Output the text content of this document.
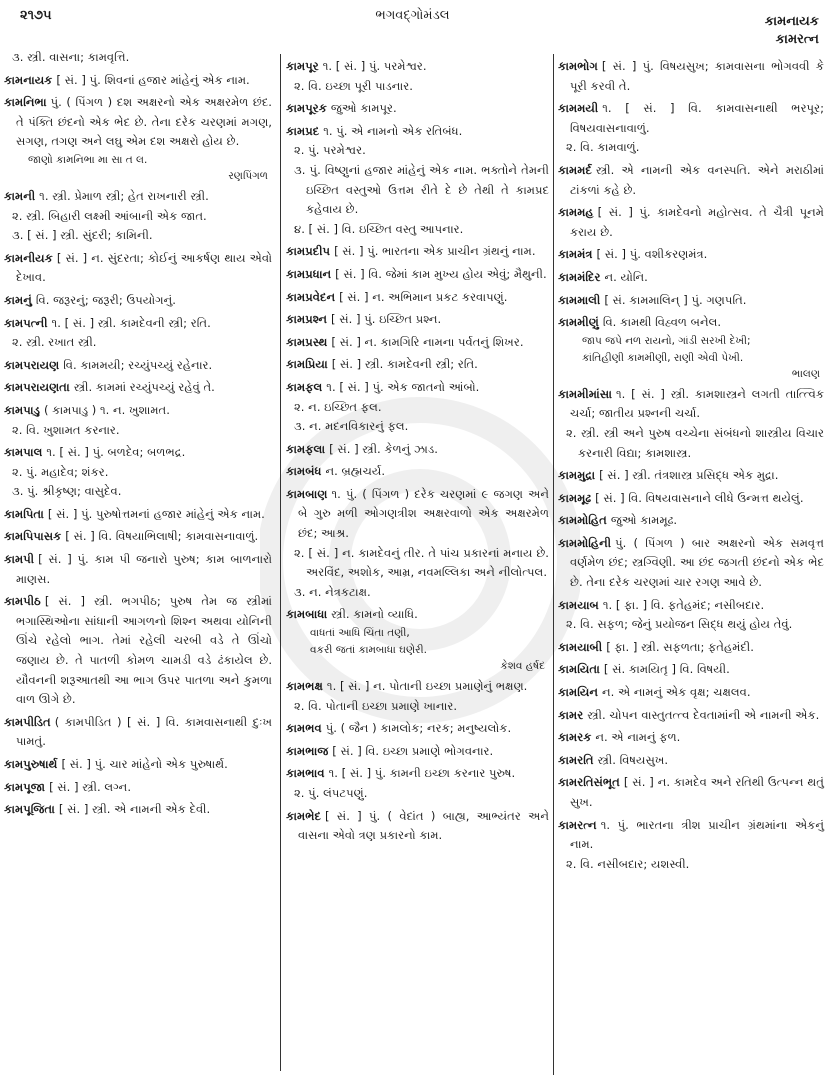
૨૧૭૫	ભગવદ્ગોમંડલ	કામનાયક
કામરત્ન
૩. સ્ત્રી. વાસના; કામવૃત્તિ.
કામનાયક [ સં. ] પું. શિવનાં હજાર માંહેનું એક નામ.
કામનિભા પું. ( પિંગળ ) દશ અક્ષરનો એક અક્ષરમેળ છંદ. તે પંક્તિ છંદનો એક ભેદ છે. તેના દરેક ચરણમાં મગણ, સગણ, તગણ અને લઘુ એમ દશ અક્ષરો હોય છે.
જાણો કામનિભા મા સા ત લ.
રણપિંગળ
કામની ૧. સ્ત્રી. પ્રેમાળ સ્ત્રી; હેત રાખનારી સ્ત્રી.
૨. સ્ત્રી. બિહારી લક્ષ્મી આંબાની એક જાત.
૩. [ સં. ] સ્ત્રી. સુંદરી; કામિની.
કામનીયક [ સં. ] ન. સુંદરતા; કોઈનું આકર્ષણ થાય એવો દેખાવ.
કામનું વિ. જરૂરનું; જરૂરી; ઉપયોગનું.
કામપત્ની ૧. [ સં. ] સ્ત્રી. કામદેવની સ્ત્રી; રતિ.
૨. સ્ત્રી. રખાત સ્ત્રી.
કામપરાયણ વિ. કામમયી; રચ્યુંપચ્યું રહેનાર.
કામપરાયણતા સ્ત્રી. કામમાં રચ્યુંપચ્યું રહેવું તે.
કામપાડુ ( કામપાડુ ) ૧. ન. ખુશામત.
૨. વિ. ખુશામત કરનાર.
કામપાલ ૧. [ સં. ] પું. બળદેવ; બળભદ્ર.
૨. પું. મહાદેવ; શંકર.
૩. પું. શ્રીકૃષ્ણ; વાસુદેવ.
કામપિતા [ સં. ] પું. પુરુષોત્તમનાં હજાર માંહેનું એક નામ.
કામપિપાસક [ સં. ] વિ. વિષયાભિલાષી; કામવાસનાવાળું.
કામપી [ સં. ] પું. કામ પી જનારો પુરુષ; કામ બાળનારો માણસ.
કામપીઠ [ સં. ] સ્ત્રી. ભગપીઠ; પુરુષ તેમ જ સ્ત્રીમાં ભગાસ્થિઓના સાંધાની આગળનો શિશ્ન અથવા યોનિની ઊંચે રહેલો ભાગ. તેમાં રહેલી ચરબી વડે તે ઊંચો જણાય છે. તે પાતળી કોમળ ચામડી વડે ઢંકાયેલ છે. યૌવનની શરૂઆતથી આ ભાગ ઉપર પાતળા અને કુમળા વાળ ઊગે છે.
કામપીડિત ( કામપીડિત ) [ સં. ] વિ. કામવાસનાથી દુઃખ પામતું.
કામપુરુષાર્થ [ સં. ] પું. ચાર માંહેનો એક પુરુષાર્થ.
કામપૂજા [ સં. ] સ્ત્રી. લગ્ન.
કામપૂજિતા [ સં. ] સ્ત્રી. એ નામની એક દેવી.
કામપૂર ૧. [ સં. ] પું. પરમેશ્વર.
૨. વિ. ઇચ્છા પૂરી પાડનાર.
કામપૂરક જુઓ કામપૂર.
કામપ્રદ ૧. પું. એ નામનો એક રતિબંધ.
૨. પું. પરમેશ્વર.
૩. પું. વિષ્ણુનાં હજાર માંહેનું એક નામ. ભક્તોને તેમની ઇચ્છિત વસ્તુઓ ઉત્તમ રીતે દે છે તેથી તે કામપ્રદ કહેવાય છે.
૪. [ સં. ] વિ. ઇચ્છિત વસ્તુ આપનાર.
કામપ્રદીપ [ સં. ] પું. ભારતના એક પ્રાચીન ગ્રંથનું નામ.
કામપ્રધાન [ સં. ] વિ. જેમાં કામ મુખ્ય હોય એવું; મૈથુની.
કામપ્રવેદન [ સં. ] ન. અભિમાન પ્રકટ કરવાપણું.
કામપ્રશ્ન [ સં. ] પું. ઇચ્છિત પ્રશ્ન.
કામપ્રસ્થ [ સં. ] ન. કામગિરિ નામના પર્વતનું શિખર.
કામપ્રિયા [ સં. ] સ્ત્રી. કામદેવની સ્ત્રી; રતિ.
કામફલ ૧. [ સં. ] પું. એક જાતનો આંબો.
૨. ન. ઇચ્છિત ફલ.
૩. ન. મદનવિકારનું ફલ.
કામફલા [ સં. ] સ્ત્રી. કેળનું ઝાડ.
કામબંધ ન. બ્રહ્મચર્ય.
કામબાણ ૧. પું. ( પિંગળ ) દરેક ચરણમાં ૯ જગણ અને બે ગુરુ મળી ઓગણત્રીશ અક્ષરવાળો એક અક્ષરમેળ છંદ; આશ્ર.
૨. [ સં. ] ન. કામદેવનું તીર. તે પાંચ પ્રકારનાં મનાય છે. અરવિંદ, અશોક, આમ્ર, નવમલ્લિકા અને નીલોત્પલ.
૩. ન. નેત્રકટાક્ષ.
કામબાધા સ્ત્રી. કામનો વ્યાધિ.
વાધતાં આધિ ચિંતા તણી,
વકરી જતાં કામબાધા ઘણેરી.
કેશવ હર્ષદ
કામભક્ષ ૧. [ સં. ] ન. પોતાની ઇચ્છા પ્રમાણેનું ભક્ષણ.
૨. વિ. પોતાની ઇચ્છા પ્રમાણે ખાનાર.
કામભવ પું. ( જૈન ) કામલોક; નરક; મનુષ્યલોક.
કામભાજ [ સં. ] વિ. ઇચ્છા પ્રમાણે ભોગવનાર.
કામભાવ ૧. [ સં. ] પું. કામની ઇચ્છા કરનાર પુરુષ.
૨. પું. લંપટપણું.
કામભેદ [ સં. ] પું. ( વેદાંત ) બાહ્ય, આભ્યંતર અને વાસના એવો ત્રણ પ્રકારનો કામ.
કામભોગ [ સં. ] પું. વિષયસુખ; કામવાસના ભોગવવી કે પૂરી કરવી તે.
કામમયી ૧. [ સં. ] વિ. કામવાસનાથી ભરપૂર; વિષયવાસનાવાળું.
૨. વિ. કામવાળું.
કામમર્દ સ્ત્રી. એ નામની એક વનસ્પતિ. એને મરાઠીમાં ટાંકળાં કહે છે.
કામમહ [ સં. ] પું. કામદેવનો મહોત્સવ. તે ચૈત્રી પૂનમે કરાય છે.
કામમંત્ર [ સં. ] પું. વશીકરણમંત્ર.
કામમંદિર ન. યોનિ.
કામમાલી [ સં. કામમાલિન્ ] પું. ગણપતિ.
કામમીણું વિ. કામથી વિહ્વળ બનેલ.
જાપ જપે નળ રાયનો, ગાંડી સરખી દેખી;
કાંતિહીણી કામમીણી, રાણી એવી પેખી.
ભાલણ
કામમીમાંસા ૧. [ સં. ] સ્ત્રી. કામશાસ્ત્રને લગતી તાત્ત્વિક ચર્ચા; જાતીય પ્રશ્નની ચર્ચા.
૨. સ્ત્રી. સ્ત્રી અને પુરુષ વચ્ચેના સંબંધનો શાસ્ત્રીય વિચાર કરનારી વિદ્યા; કામશાસ્ત્ર.
કામમુદ્રા [ સં. ] સ્ત્રી. તંત્રશાસ્ત્ર પ્રસિદ્ધ એક મુદ્રા.
કામમૂઢ [ સં. ] વિ. વિષયવાસનાને લીધે ઉન્મત્ત થયેલું.
કામમોહિત જુઓ કામમૂઢ.
કામમોહિની પું. ( પિંગળ ) બાર અક્ષરનો એક સમવૃત્ત વર્ણમેળ છંદ; સ્ત્રગ્વિણી. આ છંદ જગતી છંદનો એક ભેદ છે. તેના દરેક ચરણમાં ચાર રગણ આવે છે.
કામયાબ ૧. [ ફા. ] વિ. ફતેહમંદ; નસીબદાર.
૨. વિ. સફળ; જેનું પ્રયોજન સિદ્ધ થયું હોય તેવું.
કામયાબી [ ફા. ] સ્ત્રી. સફળતા; ફતેહમંદી.
કામયિતા [ સં. કામયિતૃ ] વિ. વિષયી.
કામયિન ન. એ નામનું એક વૃક્ષ; ચક્ષલવ.
કામર સ્ત્રી. ચોપન વાસ્તુતત્ત્વ દેવતામાંની એ નામની એક.
કામરક ન. એ નામનું ફળ.
કામરતિ સ્ત્રી. વિષયસુખ.
કામરતિસંભૂત [ સં. ] ન. કામદેવ અને રતિથી ઉત્પન્ન થતું સુખ.
કામરત્ન ૧. પું. ભારતના ત્રીશ પ્રાચીન ગ્રંથમાંના એકનું નામ.
૨. વિ. નસીબદાર; યશસ્વી.
